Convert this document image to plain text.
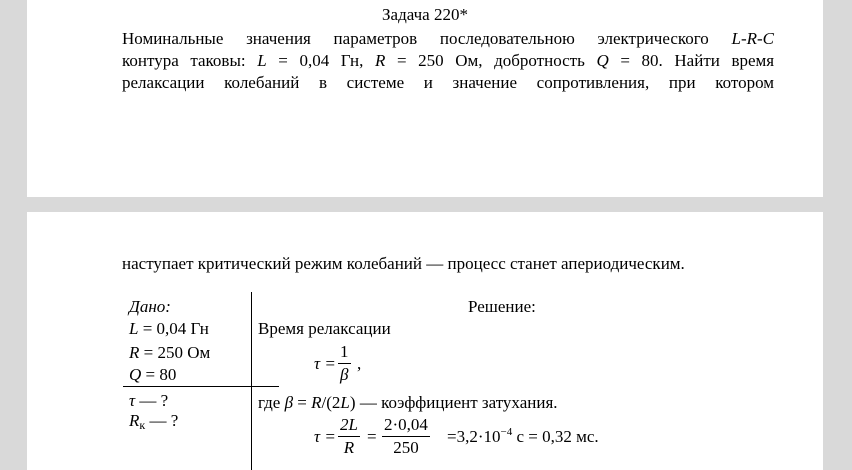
Задача 220*
Номинальные значения параметров последовательною электрического L-R-C
контура таковы: L = 0,04 Гн, R = 250 Ом, добротность Q = 80. Найти время
релаксации колебаний в системе и значение сопротивления, при котором
наступает критический режим колебаний — процесс станет апериодическим.
Дано:
L = 0,04 Гн
R = 250 Ом
Q = 80
τ — ?
$R_к$ — ?
Решение:
Время релаксации
$\tau = \frac{1}{\beta}$ ,
где β = R/(2L) — коэффициент затухания.
$\tau = \frac{2L}{R} = \frac{2\cdot 0,04}{250} =3,2\cdot 10^{-4}$ с = 0,32 мс.
